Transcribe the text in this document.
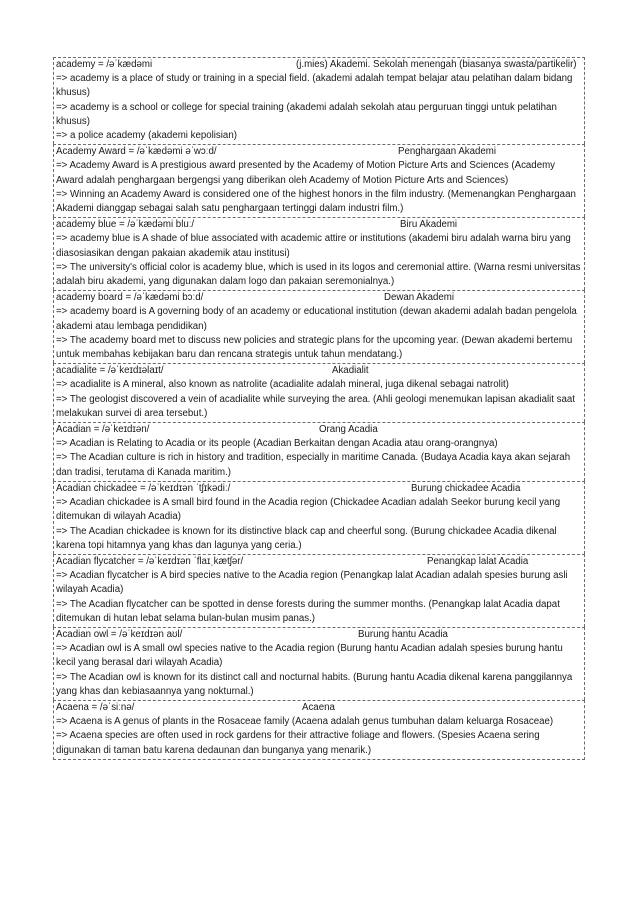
academy = /əˈkædəmi	(j.mies) Akademi. Sekolah menengah (biasanya swasta/partikelir)
=> academy is a place of study or training in a special field. (akademi adalah tempat belajar atau pelatihan dalam bidang khusus)
=> academy is a school or college for special training (akademi adalah sekolah atau perguruan tinggi untuk pelatihan khusus)
=> a police academy (akademi kepolisian)
Academy Award = /əˈkædəmi əˈwɔːd/	Penghargaan Akademi
=> Academy Award is A prestigious award presented by the Academy of Motion Picture Arts and Sciences (Academy Award adalah penghargaan bergengsi yang diberikan oleh Academy of Motion Picture Arts and Sciences)
=> Winning an Academy Award is considered one of the highest honors in the film industry. (Memenangkan Penghargaan Akademi dianggap sebagai salah satu penghargaan tertinggi dalam industri film.)
academy blue = /əˈkædəmi bluː/	Biru Akademi
=> academy blue is A shade of blue associated with academic attire or institutions (akademi biru adalah warna biru yang diasosiasikan dengan pakaian akademik atau institusi)
=> The university's official color is academy blue, which is used in its logos and ceremonial attire. (Warna resmi universitas adalah biru akademi, yang digunakan dalam logo dan pakaian seremonialnya.)
academy board = /əˈkædəmi bɔːd/	Dewan Akademi
=> academy board is A governing body of an academy or educational institution (dewan akademi adalah badan pengelola akademi atau lembaga pendidikan)
=> The academy board met to discuss new policies and strategic plans for the upcoming year. (Dewan akademi bertemu untuk membahas kebijakan baru dan rencana strategis untuk tahun mendatang.)
acadialite = /əˈkeɪdɪəlaɪt/	Akadialit
=> acadialite is A mineral, also known as natrolite (acadialite adalah mineral, juga dikenal sebagai natrolit)
=> The geologist discovered a vein of acadialite while surveying the area. (Ahli geologi menemukan lapisan akadialit saat melakukan survei di area tersebut.)
Acadian = /əˈkeɪdɪən/	Orang Acadia
=> Acadian is Relating to Acadia or its people (Acadian Berkaitan dengan Acadia atau orang-orangnya)
=> The Acadian culture is rich in history and tradition, especially in maritime Canada. (Budaya Acadia kaya akan sejarah dan tradisi, terutama di Kanada maritim.)
Acadian chickadee = /əˈkeɪdɪən ˈtʃɪkədiː/	Burung chickadee Acadia
=> Acadian chickadee is A small bird found in the Acadia region (Chickadee Acadian adalah Seekor burung kecil yang ditemukan di wilayah Acadia)
=> The Acadian chickadee is known for its distinctive black cap and cheerful song. (Burung chickadee Acadia dikenal karena topi hitamnya yang khas dan lagunya yang ceria.)
Acadian flycatcher = /əˈkeɪdɪən ˈflaɪˌkætʃər/	Penangkap lalat Acadia
=> Acadian flycatcher is A bird species native to the Acadia region (Penangkap lalat Acadian adalah spesies burung asli wilayah Acadia)
=> The Acadian flycatcher can be spotted in dense forests during the summer months. (Penangkap lalat Acadia dapat ditemukan di hutan lebat selama bulan-bulan musim panas.)
Acadian owl = /əˈkeɪdɪən aʊl/	Burung hantu Acadia
=> Acadian owl is A small owl species native to the Acadia region (Burung hantu Acadian adalah spesies burung hantu kecil yang berasal dari wilayah Acadia)
=> The Acadian owl is known for its distinct call and nocturnal habits. (Burung hantu Acadia dikenal karena panggilannya yang khas dan kebiasaannya yang nokturnal.)
Acaena = /əˈsiːnə/	Acaena
=> Acaena is A genus of plants in the Rosaceae family (Acaena adalah genus tumbuhan dalam keluarga Rosaceae)
=> Acaena species are often used in rock gardens for their attractive foliage and flowers. (Spesies Acaena sering digunakan di taman batu karena dedaunan dan bunganya yang menarik.)
